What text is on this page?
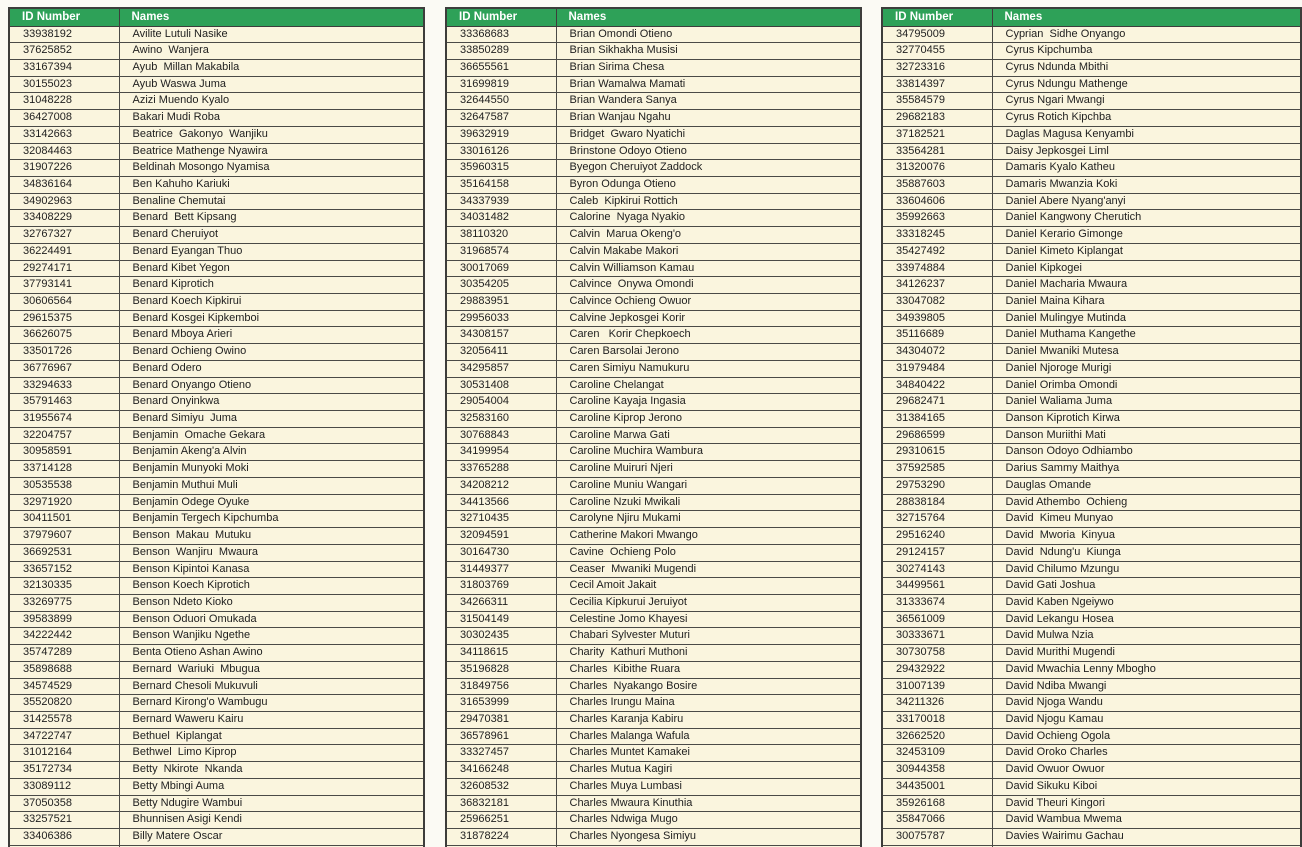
ID Number	Names
33938192	Avilite Lutuli Nasike
37625852	Awino  Wanjera
33167394	Ayub  Millan Makabila
30155023	Ayub Waswa Juma
31048228	Azizi Muendo Kyalo
36427008	Bakari Mudi Roba
33142663	Beatrice  Gakonyo  Wanjiku
32084463	Beatrice Mathenge Nyawira
31907226	Beldinah Mosongo Nyamisa
34836164	Ben Kahuho Kariuki
34902963	Benaline Chemutai
33408229	Benard  Bett Kipsang
32767327	Benard Cheruiyot
36224491	Benard Eyangan Thuo
29274171	Benard Kibet Yegon
37793141	Benard Kiprotich
30606564	Benard Koech Kipkirui
29615375	Benard Kosgei Kipkemboi
36626075	Benard Mboya Arieri
33501726	Benard Ochieng Owino
36776967	Benard Odero
33294633	Benard Onyango Otieno
35791463	Benard Onyinkwa
31955674	Benard Simiyu  Juma
32204757	Benjamin  Omache Gekara
30958591	Benjamin Akeng'a Alvin
33714128	Benjamin Munyoki Moki
30535538	Benjamin Muthui Muli
32971920	Benjamin Odege Oyuke
30411501	Benjamin Tergech Kipchumba
37979607	Benson  Makau  Mutuku
36692531	Benson  Wanjiru  Mwaura
33657152	Benson Kipintoi Kanasa
32130335	Benson Koech Kiprotich
33269775	Benson Ndeto Kioko
39583899	Benson Oduori Omukada
34222442	Benson Wanjiku Ngethe
35747289	Benta Otieno Ashan Awino
35898688	Bernard  Wariuki  Mbugua
34574529	Bernard Chesoli Mukuvuli
35520820	Bernard Kirong'o Wambugu
31425578	Bernard Waweru Kairu
34722747	Bethuel  Kiplangat
31012164	Bethwel  Limo Kiprop
35172734	Betty  Nkirote  Nkanda
33089112	Betty Mbingi Auma
37050358	Betty Ndugire Wambui
33257521	Bhunnisen Asigi Kendi
33406386	Billy Matere Oscar

ID Number	Names
33368683	Brian Omondi Otieno
33850289	Brian Sikhakha Musisi
36655561	Brian Sirima Chesa
31699819	Brian Wamalwa Mamati
32644550	Brian Wandera Sanya
32647587	Brian Wanjau Ngahu
39632919	Bridget  Gwaro Nyatichi
33016126	Brinstone Odoyo Otieno
35960315	Byegon Cheruiyot Zaddock
35164158	Byron Odunga Otieno
34337939	Caleb  Kipkirui Rottich
34031482	Calorine  Nyaga Nyakio
38110320	Calvin  Marua Okeng'o
31968574	Calvin Makabe Makori
30017069	Calvin Williamson Kamau
30354205	Calvince  Onywa Omondi
29883951	Calvince Ochieng Owuor
29956033	Calvine Jepkosgei Korir
34308157	Caren   Korir Chepkoech
32056411	Caren Barsolai Jerono
34295857	Caren Simiyu Namukuru
30531408	Caroline Chelangat
29054004	Caroline Kayaja Ingasia
32583160	Caroline Kiprop Jerono
30768843	Caroline Marwa Gati
34199954	Caroline Muchira Wambura
33765288	Caroline Muiruri Njeri
34208212	Caroline Muniu Wangari
34413566	Caroline Nzuki Mwikali
32710435	Carolyne Njiru Mukami
32094591	Catherine Makori Mwango
30164730	Cavine  Ochieng Polo
31449377	Ceaser  Mwaniki Mugendi
31803769	Cecil Amoit Jakait
34266311	Cecilia Kipkurui Jeruiyot
31504149	Celestine Jomo Khayesi
30302435	Chabari Sylvester Muturi
34118615	Charity  Kathuri Muthoni
35196828	Charles  Kibithe Ruara
31849756	Charles  Nyakango Bosire
31653999	Charles Irungu Maina
29470381	Charles Karanja Kabiru
36578961	Charles Malanga Wafula
33327457	Charles Muntet Kamakei
34166248	Charles Mutua Kagiri
32608532	Charles Muya Lumbasi
36832181	Charles Mwaura Kinuthia
25966251	Charles Ndwiga Mugo
31878224	Charles Nyongesa Simiyu

ID Number	Names
34795009	Cyprian  Sidhe Onyango
32770455	Cyrus Kipchumba
32723316	Cyrus Ndunda Mbithi
33814397	Cyrus Ndungu Mathenge
35584579	Cyrus Ngari Mwangi
29682183	Cyrus Rotich Kipchba
37182521	Daglas Magusa Kenyambi
33564281	Daisy Jepkosgei Liml
31320076	Damaris Kyalo Katheu
35887603	Damaris Mwanzia Koki
33604606	Daniel Abere Nyang'anyi
35992663	Daniel Kangwony Cherutich
33318245	Daniel Kerario Gimonge
35427492	Daniel Kimeto Kiplangat
33974884	Daniel Kipkogei
34126237	Daniel Macharia Mwaura
33047082	Daniel Maina Kihara
34939805	Daniel Mulingye Mutinda
35116689	Daniel Muthama Kangethe
34304072	Daniel Mwaniki Mutesa
31979484	Daniel Njoroge Murigi
34840422	Daniel Orimba Omondi
29682471	Daniel Waliama Juma
31384165	Danson Kiprotich Kirwa
29686599	Danson Muriithi Mati
29310615	Danson Odoyo Odhiambo
37592585	Darius Sammy Maithya
29753290	Dauglas Omande
28838184	David Athembo  Ochieng
32715764	David  Kimeu Munyao
29516240	David  Mworia  Kinyua
29124157	David  Ndung'u  Kiunga
30274143	David Chilumo Mzungu
34499561	David Gati Joshua
31333674	David Kaben Ngeiywo
36561009	David Lekangu Hosea
30333671	David Mulwa Nzia
30730758	David Murithi Mugendi
29432922	David Mwachia Lenny Mbogho
31007139	David Ndiba Mwangi
34211326	David Njoga Wandu
33170018	David Njogu Kamau
32662520	David Ochieng Ogola
32453109	David Oroko Charles
30944358	David Owuor Owuor
34435001	David Sikuku Kiboi
35926168	David Theuri Kingori
35847066	David Wambua Mwema
30075787	Davies Wairimu Gachau
